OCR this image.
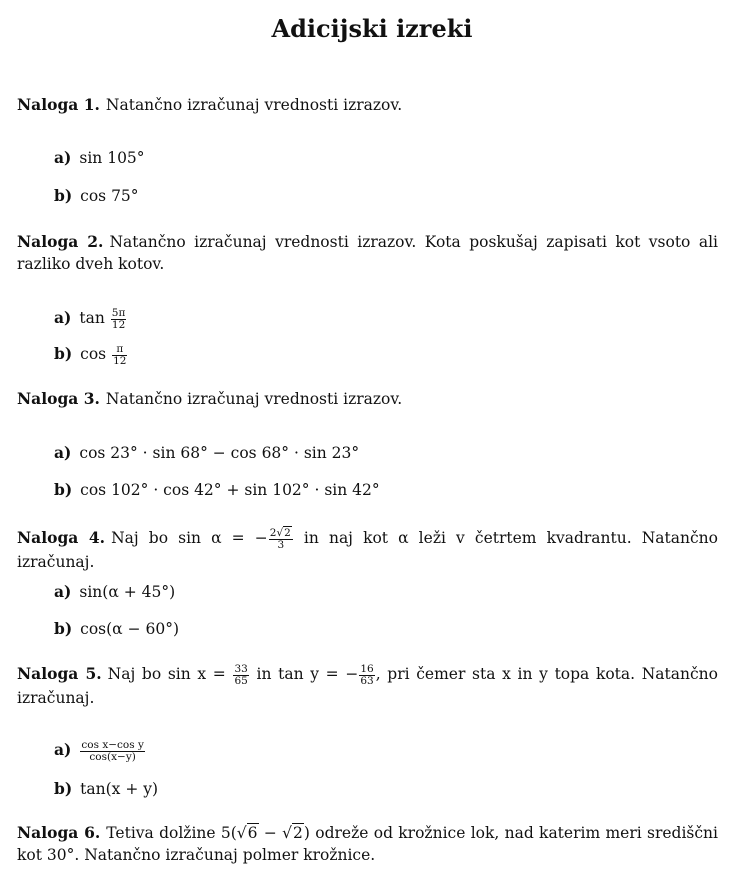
Adicijski izreki
Naloga 1. Natančno izračunaj vrednosti izrazov.
a) sin 105°
b) cos 75°
Naloga 2. Natančno izračunaj vrednosti izrazov. Kota poskušaj zapisati kot vsoto ali razliko dveh kotov.
a) $\tan \frac{5\pi}{12}$
b) $\cos \frac{\pi}{12}$
Naloga 3. Natančno izračunaj vrednosti izrazov.
a) cos 23° · sin 68° − cos 68° · sin 23°
b) cos 102° · cos 42° + sin 102° · sin 42°
Naloga 4. Naj bo sin α = − $\frac{2√2}{3}$ in naj kot α leži v četrtem kvadrantu. Natančno izračunaj.
a) sin(α + 45°)
b) cos(α − 60°)
Naloga 5. Naj bo $\sin x = \frac{33}{65}$ in tan y = − $\frac{16}{63}$ , pri čemer sta x in y topa kota. Natančno izračunaj.
$a) \frac{\text{cos x−cos y}}{\cos(x-y)}$
b) tan(x + y)
Naloga 6. Tetiva dolžine 5(√6 − √2) odreže od krožnice lok, nad katerim meri središčni kot 30°. Natančno izračunaj polmer krožnice.
